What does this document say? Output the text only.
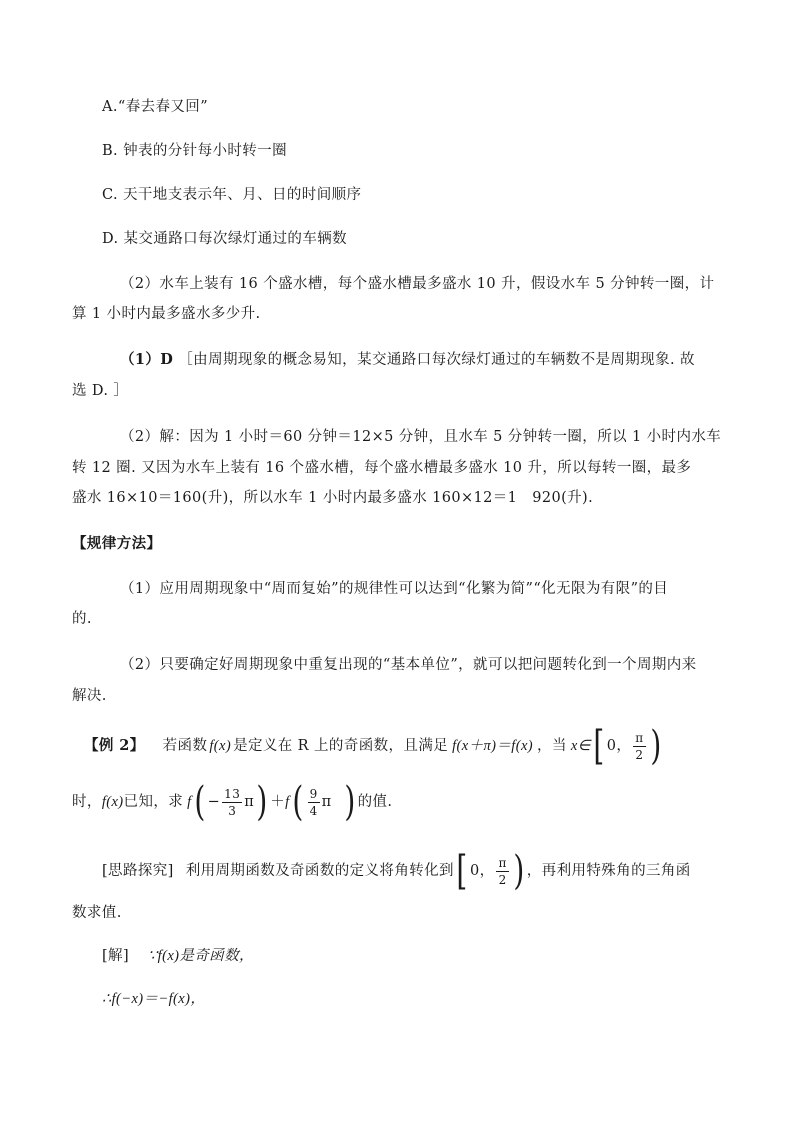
A.“春去春又回”
B. 钟表的分针每小时转一圈
C. 天干地支表示年、月、日的时间顺序
D. 某交通路口每次绿灯通过的车辆数
（2）水车上装有 16 个盛水槽，每个盛水槽最多盛水 10 升，假设水车 5 分钟转一圈，计
算 1 小时内最多盛水多少升.
（1）D ［由周期现象的概念易知，某交通路口每次绿灯通过的车辆数不是周期现象. 故
选 D. ］
（2）解：因为 1 小时＝60 分钟＝12×5 分钟，且水车 5 分钟转一圈，所以 1 小时内水车
转 12 圈. 又因为水车上装有 16 个盛水槽，每个盛水槽最多盛水 10 升，所以每转一圈，最多
盛水 16×10＝160(升)，所以水车 1 小时内最多盛水 160×12＝1　920(升).
【规律方法】
（1）应用周期现象中“周而复始”的规律性可以达到“化繁为简”“化无限为有限”的目
的.
（2）只要确定好周期现象中重复出现的“基本单位”，就可以把问题转化到一个周期内来
解决.
【例 2】 若函数 f(x) 是定义在 R 上的奇函数，且满足 f(x＋π)＝f(x) ，当 x∈ [ 0， $\frac{\pi}{2}$ )
时， f(x) 已知，求 f ( − $\frac{13}{3}$ π ) ＋ f ( $\frac{9}{4}$ π ) 的值.
[思路探究] 利用周期函数及奇函数的定义将角转化到 [ 0， $\frac{\pi}{2}$ ) ，再利用特殊角的三角函
数求值.
[解] ∵f(x)是奇函数，
∴f(−x)＝−f(x)，
